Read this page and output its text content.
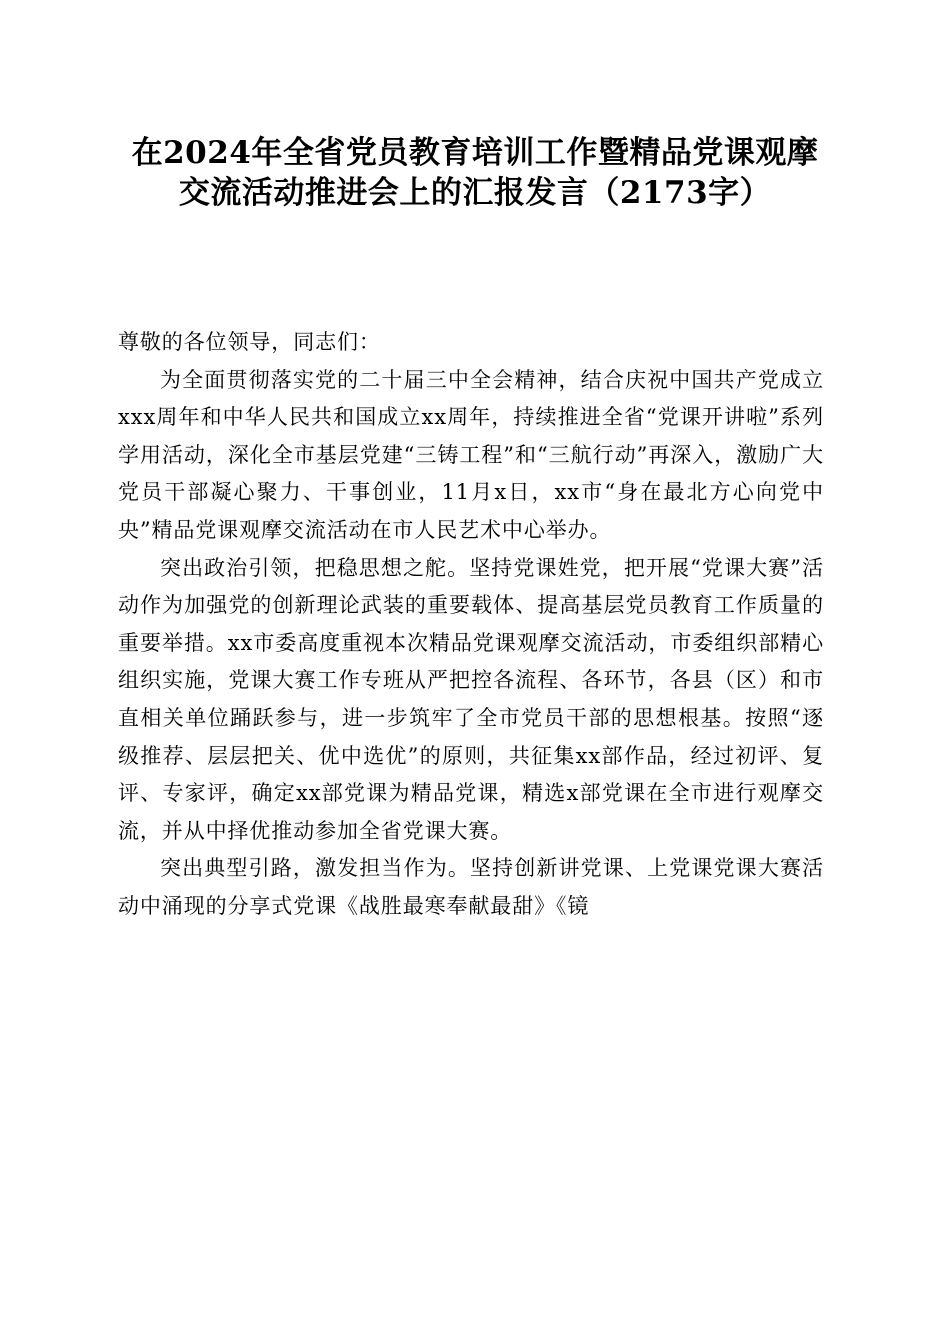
在2024年全省党员教育培训工作暨精品党课观摩交流活动推进会上的汇报发言（2173字）

尊敬的各位领导，同志们：

为全面贯彻落实党的二十届三中全会精神，结合庆祝中国共产党成立xxx周年和中华人民共和国成立xx周年，持续推进全省“党课开讲啦”系列学用活动，深化全市基层党建“三铸工程”和“三航行动”再深入，激励广大党员干部凝心聚力、干事创业，11月x日，xx市“身在最北方心向党中央”精品党课观摩交流活动在市人民艺术中心举办。

突出政治引领，把稳思想之舵。坚持党课姓党，把开展“党课大赛”活动作为加强党的创新理论武装的重要载体、提高基层党员教育工作质量的重要举措。xx市委高度重视本次精品党课观摩交流活动，市委组织部精心组织实施，党课大赛工作专班从严把控各流程、各环节，各县（区）和市直相关单位踊跃参与，进一步筑牢了全市党员干部的思想根基。按照“逐级推荐、层层把关、优中选优”的原则，共征集xx部作品，经过初评、复评、专家评，确定xx部党课为精品党课，精选x部党课在全市进行观摩交流，并从中择优推动参加全省党课大赛。

突出典型引路，激发担当作为。坚持创新讲党课、上党课党课大赛活动中涌现的分享式党课《战胜最寒奉献最甜》《镜
